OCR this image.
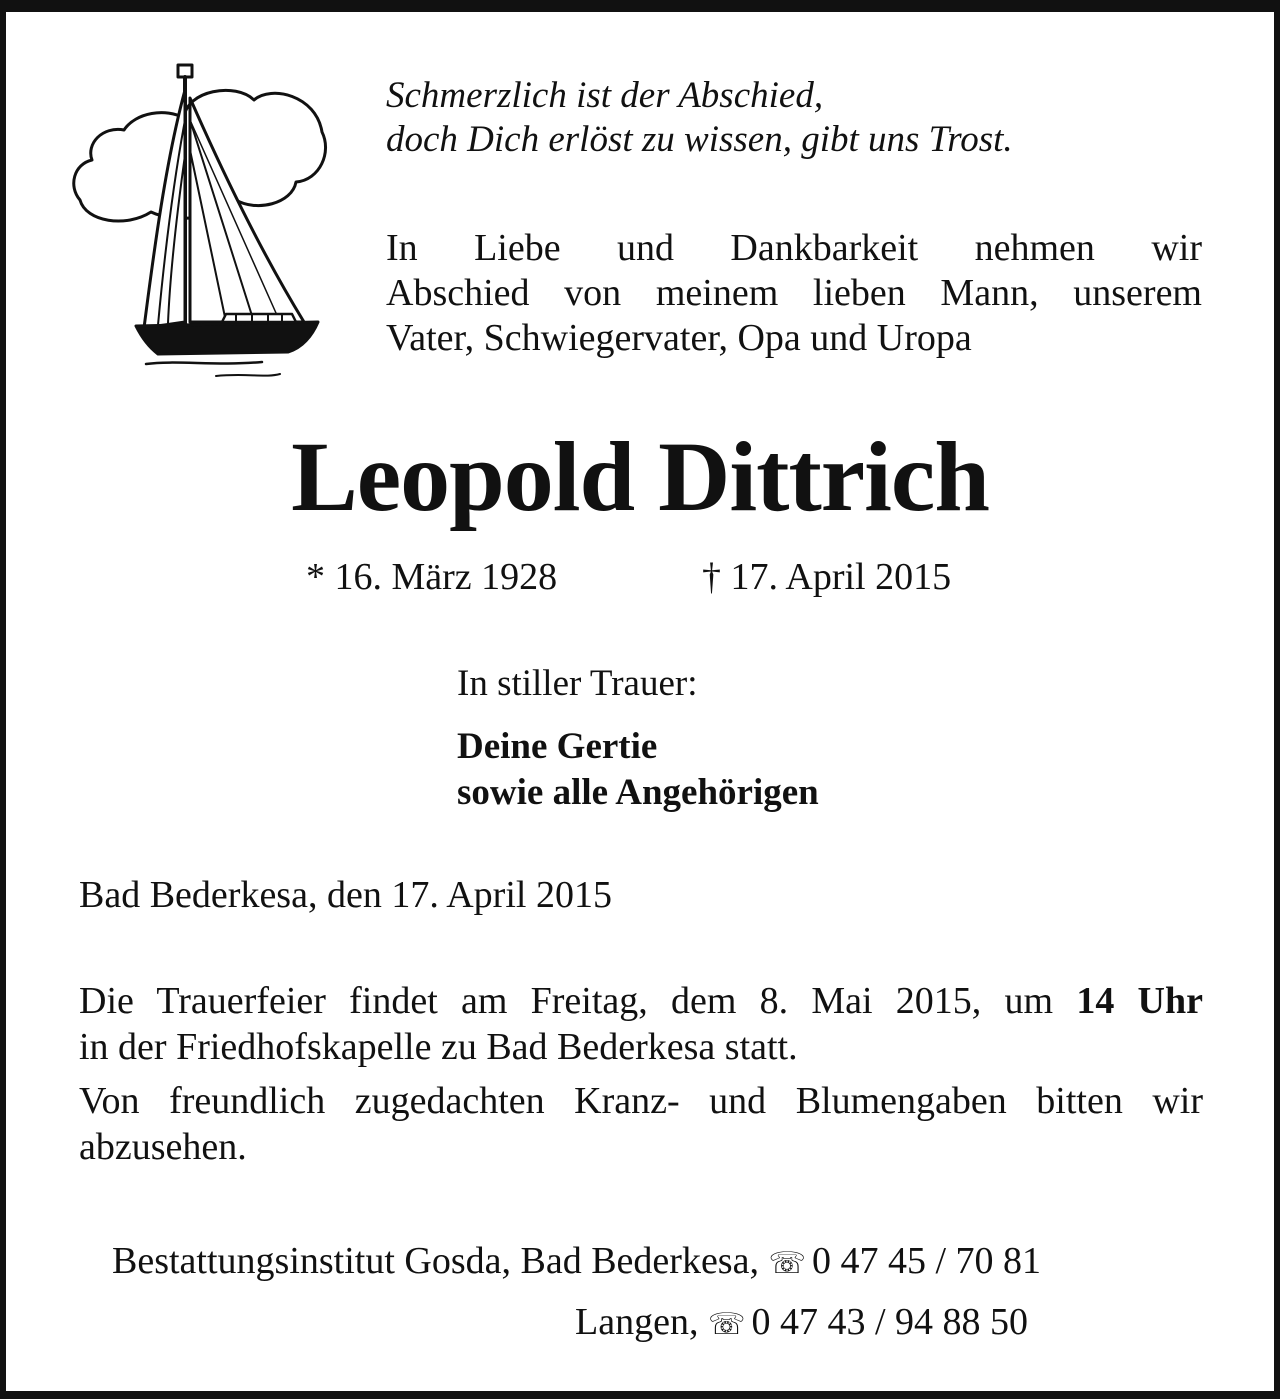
Schmerzlich ist der Abschied,
doch Dich erlöst zu wissen, gibt uns Trost.
In Liebe und Dankbarkeit nehmen wir
Abschied von meinem lieben Mann, unserem
Vater, Schwiegervater, Opa und Uropa
Leopold Dittrich
* 16. März 1928	† 17. April 2015
In stiller Trauer:
Deine Gertie
sowie alle Angehörigen
Bad Bederkesa, den 17. April 2015
Die Trauerfeier findet am Freitag, dem 8. Mai 2015, um 14 Uhr
in der Friedhofskapelle zu Bad Bederkesa statt.
Von freundlich zugedachten Kranz- und Blumengaben bitten wir
abzusehen.
Bestattungsinstitut Gosda, Bad Bederkesa, ☏ 0 47 45 / 70 81
Langen, ☏ 0 47 43 / 94 88 50
